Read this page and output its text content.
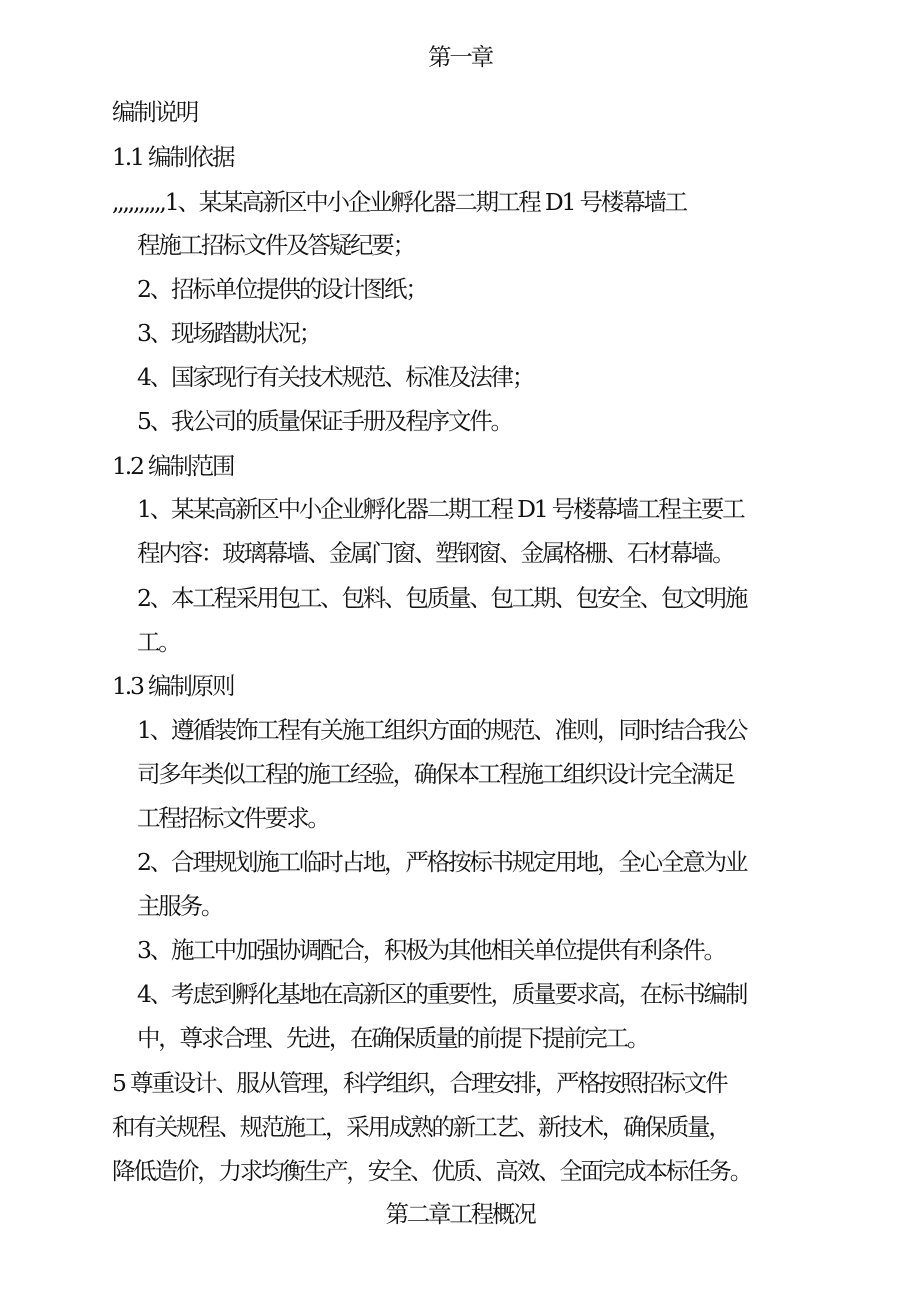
第一章
编制说明
1.1 编制依据
,,,,,,,,,,1、某某高新区中小企业孵化器二期工程 D1 号楼幕墙工
程施工招标文件及答疑纪要；
2、招标单位提供的设计图纸；
3、现场踏勘状况；
4、国家现行有关技术规范、标准及法律；
5、我公司的质量保证手册及程序文件。
1.2 编制范围
1、某某高新区中小企业孵化器二期工程 D1 号楼幕墙工程主要工
程内容：玻璃幕墙、金属门窗、塑钢窗、金属格栅、石材幕墙。
2、本工程采用包工、包料、包质量、包工期、包安全、包文明施
工。
1.3 编制原则
1、遵循装饰工程有关施工组织方面的规范、准则，同时结合我公
司多年类似工程的施工经验，确保本工程施工组织设计完全满足
工程招标文件要求。
2、合理规划施工临时占地，严格按标书规定用地，全心全意为业
主服务。
3、施工中加强协调配合，积极为其他相关单位提供有利条件。
4、考虑到孵化基地在高新区的重要性，质量要求高，在标书编制
中，尊求合理、先进，在确保质量的前提下提前完工。
5 尊重设计、服从管理，科学组织，合理安排，严格按照招标文件
和有关规程、规范施工，采用成熟的新工艺、新技术，确保质量，
降低造价，力求均衡生产，安全、优质、高效、全面完成本标任务。
第二章工程概况
